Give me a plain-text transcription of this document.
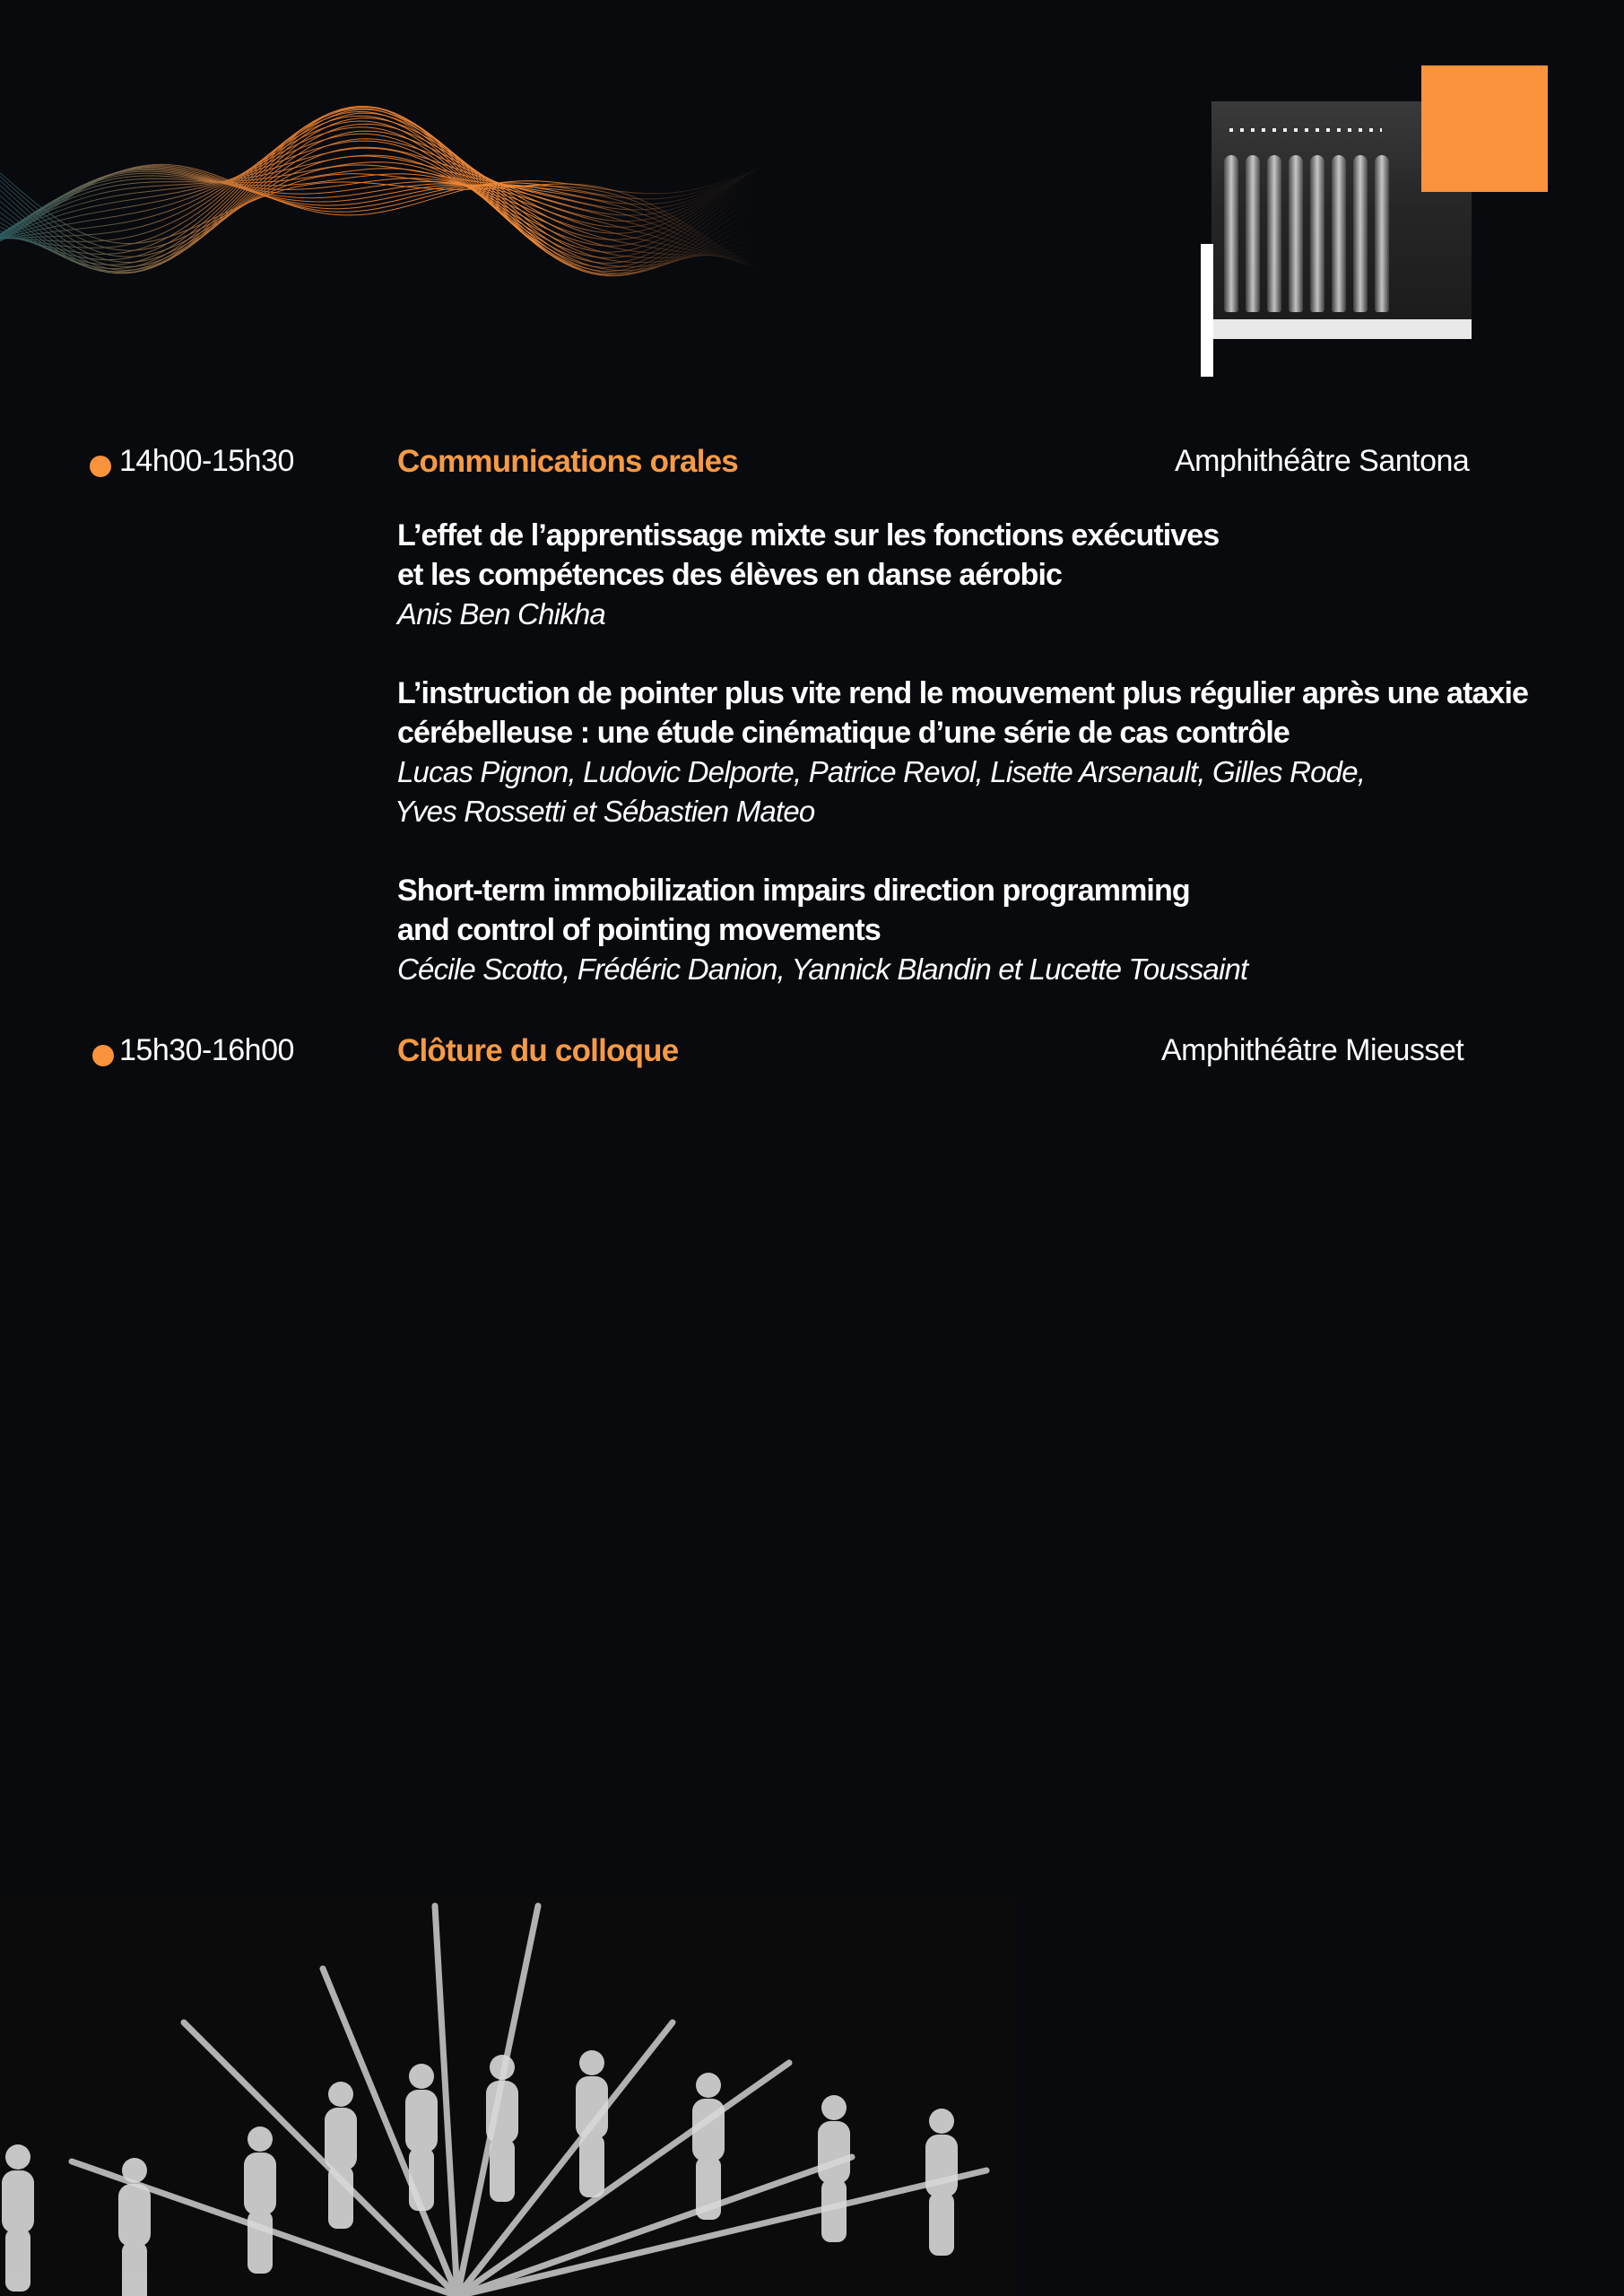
14h00-15h30	Communications orales	Amphithéâtre Santona
L’effet de l’apprentissage mixte sur les fonctions exécutives
et les compétences des élèves en danse aérobic
Anis Ben Chikha
L’instruction de pointer plus vite rend le mouvement plus régulier après une ataxie
cérébelleuse : une étude cinématique d’une série de cas contrôle
Lucas Pignon, Ludovic Delporte, Patrice Revol, Lisette Arsenault, Gilles Rode,
Yves Rossetti et Sébastien Mateo
Short-term immobilization impairs direction programming
and control of pointing movements
Cécile Scotto, Frédéric Danion, Yannick Blandin et Lucette Toussaint
15h30-16h00	Clôture du colloque	Amphithéâtre Mieusset
